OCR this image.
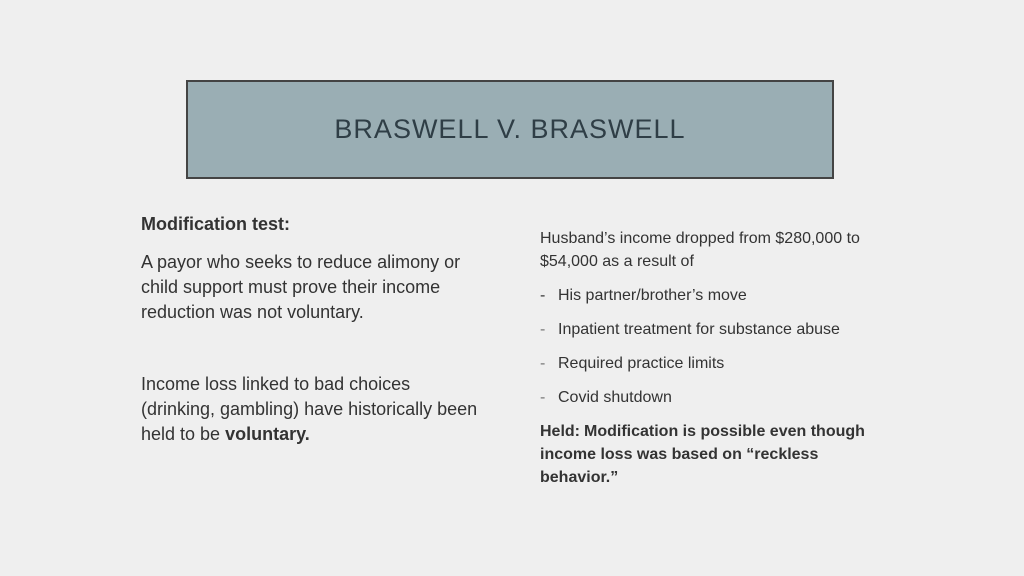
BRASWELL V. BRASWELL

Modification test:

A payor who seeks to reduce alimony or child support must prove their income reduction was not voluntary.

Income loss linked to bad choices (drinking, gambling) have historically been held to be voluntary.

Husband’s income dropped from $280,000 to $54,000 as a result of

- His partner/brother’s move
- Inpatient treatment for substance abuse
- Required practice limits
- Covid shutdown

Held: Modification is possible even though income loss was based on “reckless behavior.”
